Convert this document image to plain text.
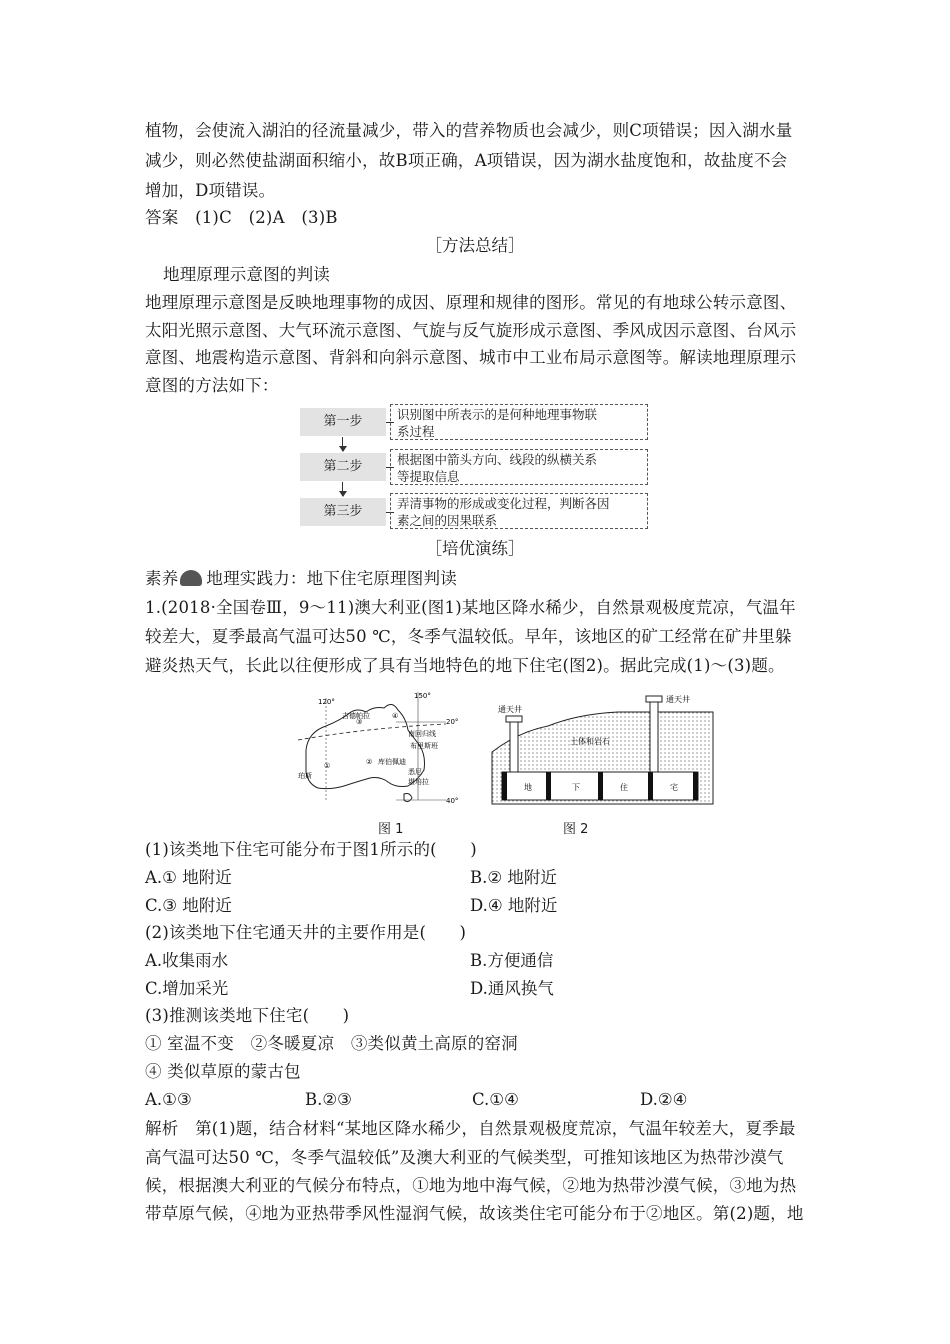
植物，会使流入湖泊的径流量减少，带入的营养物质也会减少，则C项错误；因入湖水量
减少，则必然使盐湖面积缩小，故B项正确，A项错误，因为湖水盐度饱和，故盐度不会
增加，D项错误。
答案　(1)C　(2)A　(3)B
［方法总结］
地理原理示意图的判读
地理原理示意图是反映地理事物的成因、原理和规律的图形。常见的有地球公转示意图、
太阳光照示意图、大气环流示意图、气旋与反气旋形成示意图、季风成因示意图、台风示
意图、地震构造示意图、背斜和向斜示意图、城市中工业布局示意图等。解读地理原理示
意图的方法如下：
第一步
第二步
第三步
识别图中所表示的是何种地理事物联
系过程
根据图中箭头方向、线段的纵横关系
等提取信息
弄清事物的形成或变化过程，判断各因
素之间的因果联系
［培优演练］
素养 地理实践力：地下住宅原理图判读
1.(2018·全国卷Ⅲ，9～11)澳大利亚(图1)某地区降水稀少，自然景观极度荒凉，气温年
较差大，夏季最高气温可达50 ℃，冬季气温较低。早年，该地区的矿工经常在矿井里躲
避炎热天气，长此以往便形成了具有当地特色的地下住宅(图2)。据此完成(1)～(3)题。
120°
150°
20°
40°
吉德帕拉
南回归线
布里斯班
珀斯
库伯佩迪
悉尼
堪培拉
①	②
③
④
图 1
通天井
通天井
土体和岩石
地	下	住	宅
图 2
(1)该类地下住宅可能分布于图1所示的(　　)
A.① 地附近	B.② 地附近
C.③ 地附近	D.④ 地附近
(2)该类地下住宅通天井的主要作用是(　　)
A.收集雨水	B.方便通信
C.增加采光	D.通风换气
(3)推测该类地下住宅(　　)
① 室温不变　②冬暖夏凉　③类似黄土高原的窑洞
④ 类似草原的蒙古包
A.①③	B.②③	C.①④	D.②④
解析　第(1)题，结合材料“某地区降水稀少，自然景观极度荒凉，气温年较差大，夏季最
高气温可达50 ℃，冬季气温较低”及澳大利亚的气候类型，可推知该地区为热带沙漠气
候，根据澳大利亚的气候分布特点，①地为地中海气候，②地为热带沙漠气候，③地为热
带草原气候，④地为亚热带季风性湿润气候，故该类住宅可能分布于②地区。第(2)题，地
